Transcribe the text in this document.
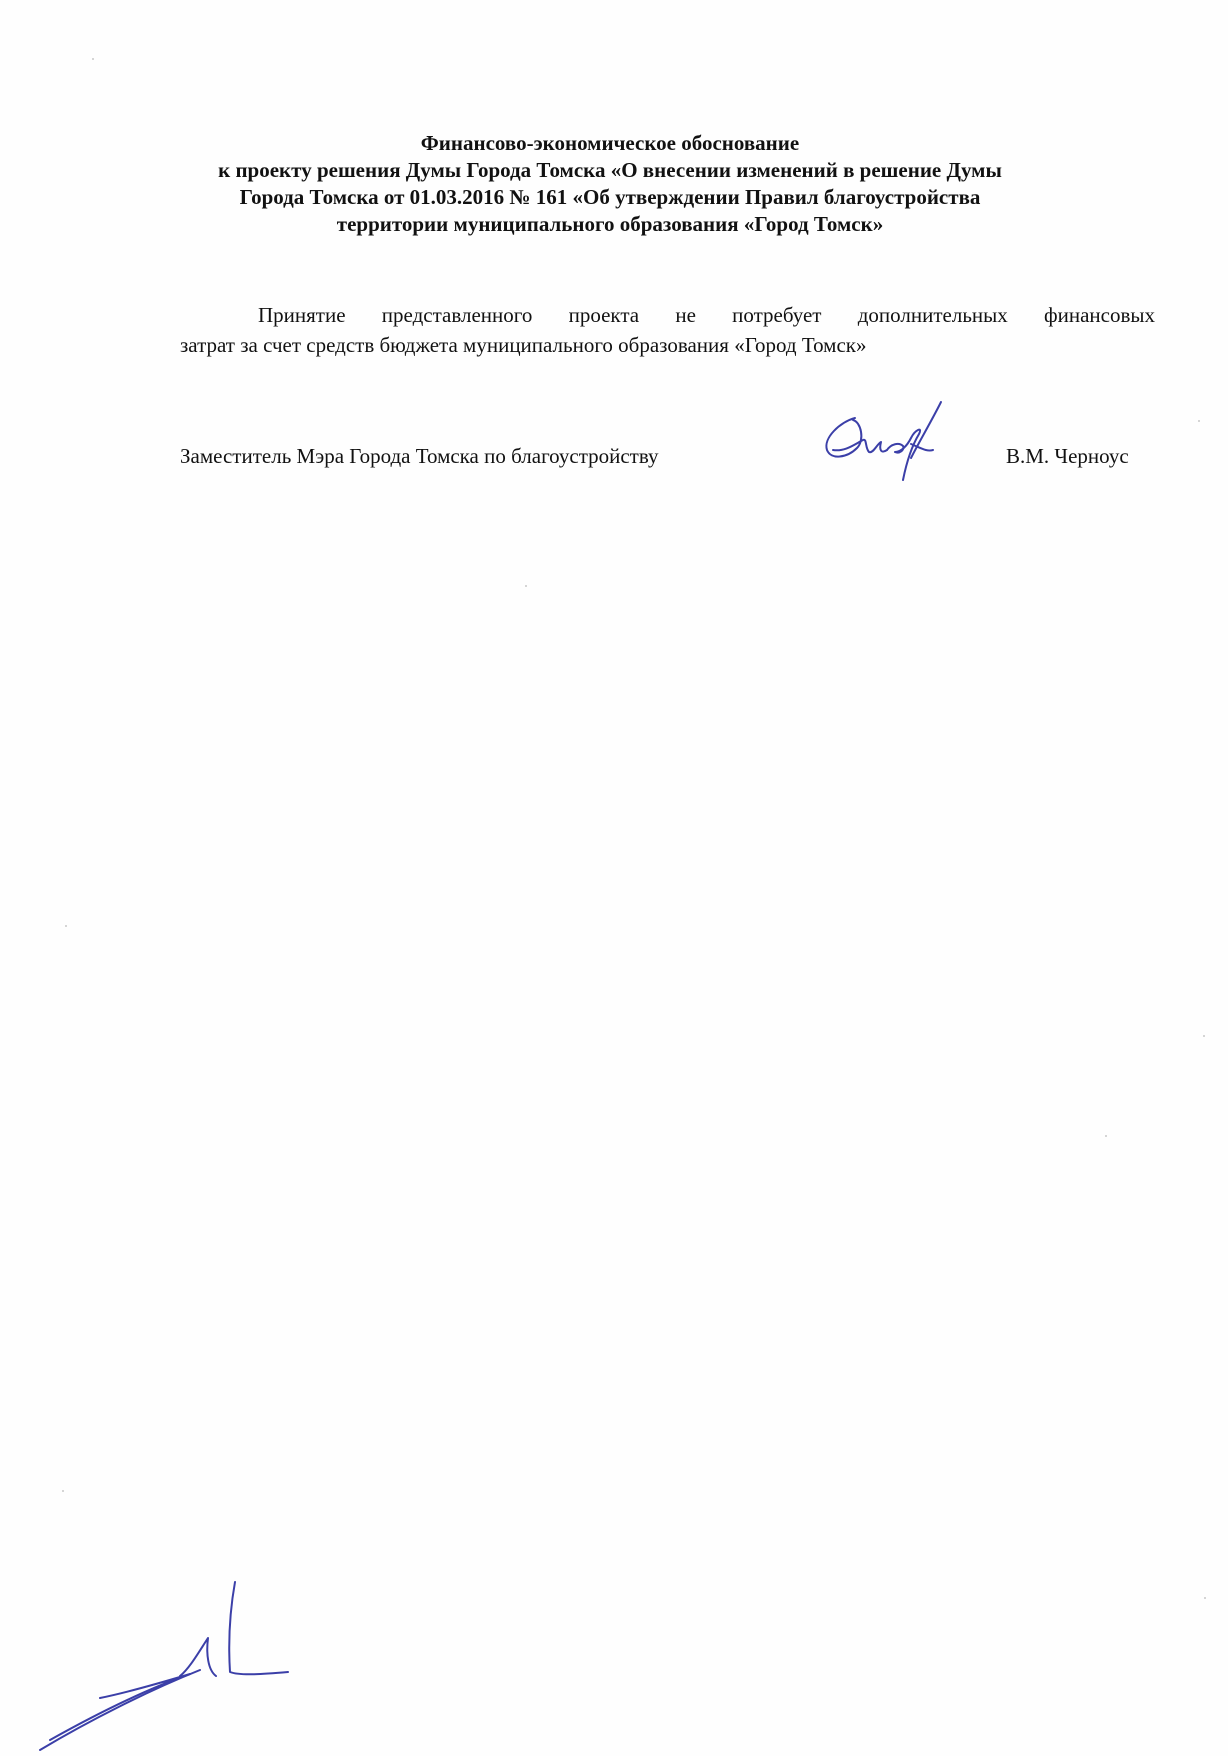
Финансово-экономическое обоснование
к проекту решения Думы Города Томска «О внесении изменений в решение Думы
Города Томска от 01.03.2016 № 161 «Об утверждении Правил благоустройства
территории муниципального образования «Город Томск»
Принятие представленного проекта не потребует дополнительных финансовых
затрат за счет средств бюджета муниципального образования «Город Томск»
Заместитель Мэра Города Томска по благоустройству	В.М. Черноус
